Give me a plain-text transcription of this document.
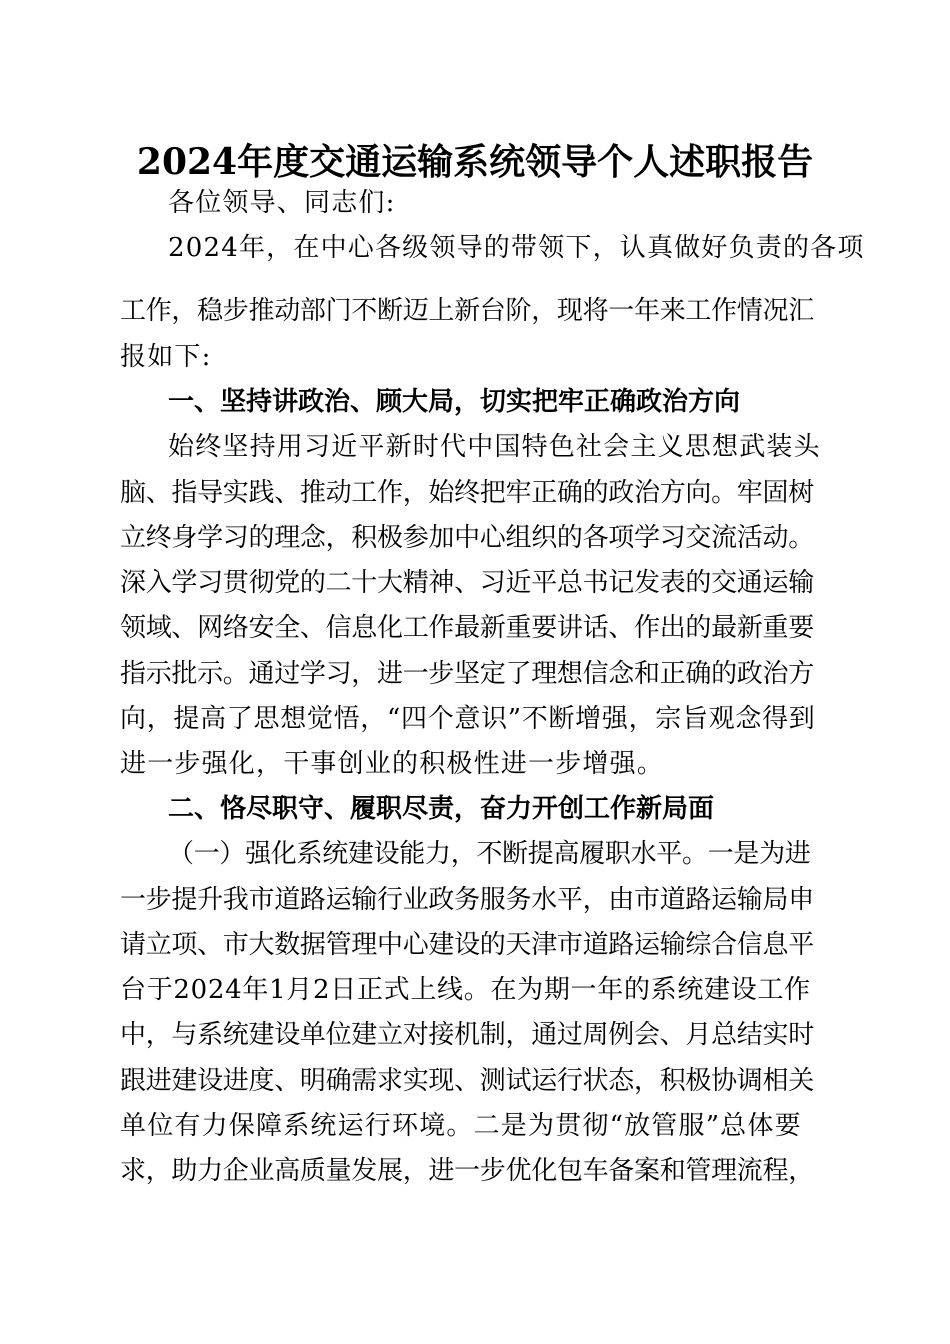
2024年度交通运输系统领导个人述职报告
各位领导、同志们:
2024年，在中心各级领导的带领下，认真做好负责的各项
工作，稳步推动部门不断迈上新台阶，现将一年来工作情况汇
报如下:
一、坚持讲政治、顾大局，切实把牢正确政治方向
始终坚持用习近平新时代中国特色社会主义思想武装头
脑、指导实践、推动工作，始终把牢正确的政治方向。牢固树
立终身学习的理念，积极参加中心组织的各项学习交流活动。
深入学习贯彻党的二十大精神、习近平总书记发表的交通运输
领域、网络安全、信息化工作最新重要讲话、作出的最新重要
指示批示。通过学习，进一步坚定了理想信念和正确的政治方
向，提高了思想觉悟，“四个意识”不断增强，宗旨观念得到
进一步强化，干事创业的积极性进一步增强。
二、恪尽职守、履职尽责，奋力开创工作新局面
（一）强化系统建设能力，不断提高履职水平。一是为进
一步提升我市道路运输行业政务服务水平，由市道路运输局申
请立项、市大数据管理中心建设的天津市道路运输综合信息平
台于2024年1月2日正式上线。在为期一年的系统建设工作
中，与系统建设单位建立对接机制，通过周例会、月总结实时
跟进建设进度、明确需求实现、测试运行状态，积极协调相关
单位有力保障系统运行环境。二是为贯彻“放管服”总体要
求，助力企业高质量发展，进一步优化包车备案和管理流程，
